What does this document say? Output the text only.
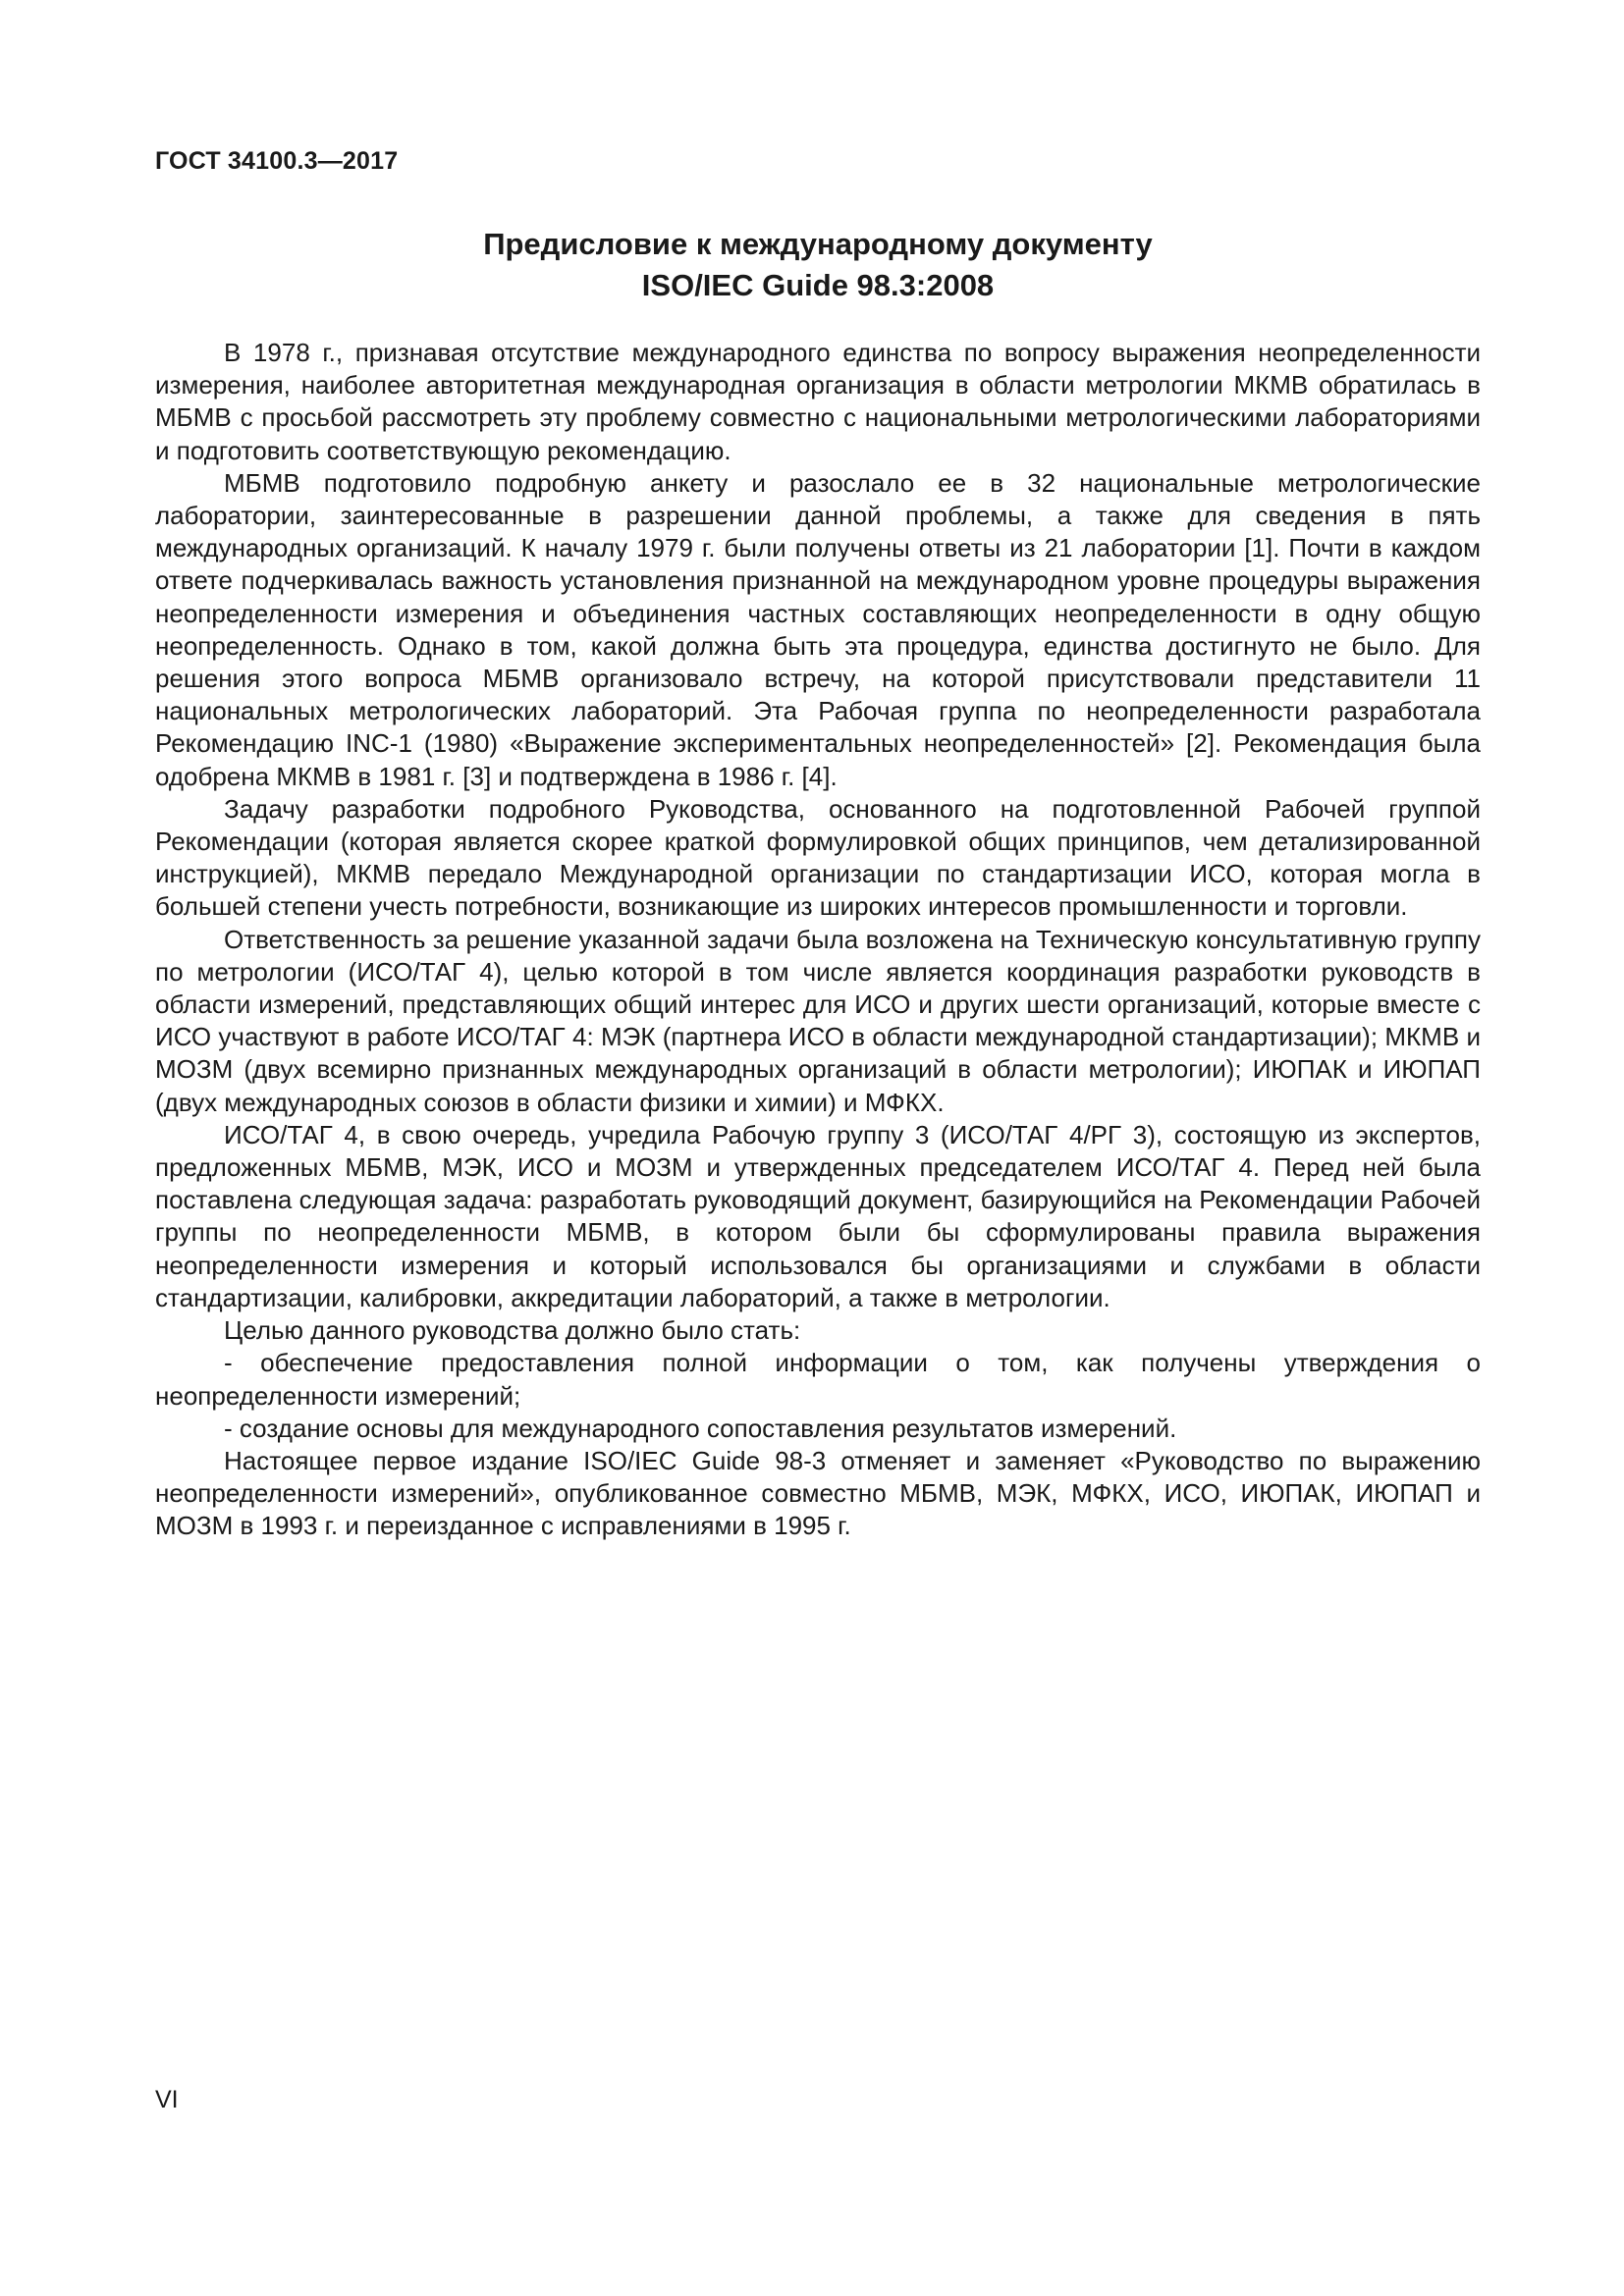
ГОСТ 34100.3—2017
Предисловие к международному документу
ISO/IEC Guide 98.3:2008

В 1978 г., признавая отсутствие международного единства по вопросу выражения неопределенности измерения, наиболее авторитетная международная организация в области метрологии МКМВ обратилась в МБМВ с просьбой рассмотреть эту проблему совместно с национальными метрологическими лабораториями и подготовить соответствующую рекомендацию.

МБМВ подготовило подробную анкету и разослало ее в 32 национальные метрологические лаборатории, заинтересованные в разрешении данной проблемы, а также для сведения в пять международных организаций. К началу 1979 г. были получены ответы из 21 лаборатории [1]. Почти в каждом ответе подчеркивалась важность установления признанной на международном уровне процедуры выражения неопределенности измерения и объединения частных составляющих неопределенности в одну общую неопределенность. Однако в том, какой должна быть эта процедура, единства достигнуто не было. Для решения этого вопроса МБМВ организовало встречу, на которой присутствовали представители 11 национальных метрологических лабораторий. Эта Рабочая группа по неопределенности разработала Рекомендацию INC-1 (1980) «Выражение экспериментальных неопределенностей» [2]. Рекомендация была одобрена МКМВ в 1981 г. [3] и подтверждена в 1986 г. [4].

Задачу разработки подробного Руководства, основанного на подготовленной Рабочей группой Рекомендации (которая является скорее краткой формулировкой общих принципов, чем детализированной инструкцией), МКМВ передало Международной организации по стандартизации ИСО, которая могла в большей степени учесть потребности, возникающие из широких интересов промышленности и торговли.

Ответственность за решение указанной задачи была возложена на Техническую консультативную группу по метрологии (ИСО/ТАГ 4), целью которой в том числе является координация разработки руководств в области измерений, представляющих общий интерес для ИСО и других шести организаций, которые вместе с ИСО участвуют в работе ИСО/ТАГ 4: МЭК (партнера ИСО в области международной стандартизации); МКМВ и МОЗМ (двух всемирно признанных международных организаций в области метрологии); ИЮПАК и ИЮПАП (двух международных союзов в области физики и химии) и МФКХ.

ИСО/ТАГ 4, в свою очередь, учредила Рабочую группу 3 (ИСО/ТАГ 4/РГ 3), состоящую из экспертов, предложенных МБМВ, МЭК, ИСО и МОЗМ и утвержденных председателем ИСО/ТАГ 4. Перед ней была поставлена следующая задача: разработать руководящий документ, базирующийся на Рекомендации Рабочей группы по неопределенности МБМВ, в котором были бы сформулированы правила выражения неопределенности измерения и который использовался бы организациями и службами в области стандартизации, калибровки, аккредитации лабораторий, а также в метрологии.

Целью данного руководства должно было стать:

- обеспечение предоставления полной информации о том, как получены утверждения о неопределенности измерений;

- создание основы для международного сопоставления результатов измерений.

Настоящее первое издание ISO/IEC Guide 98-3 отменяет и заменяет «Руководство по выражению неопределенности измерений», опубликованное совместно МБМВ, МЭК, МФКХ, ИСО, ИЮПАК, ИЮПАП и МОЗМ в 1993 г. и переизданное с исправлениями в 1995 г.

VI
